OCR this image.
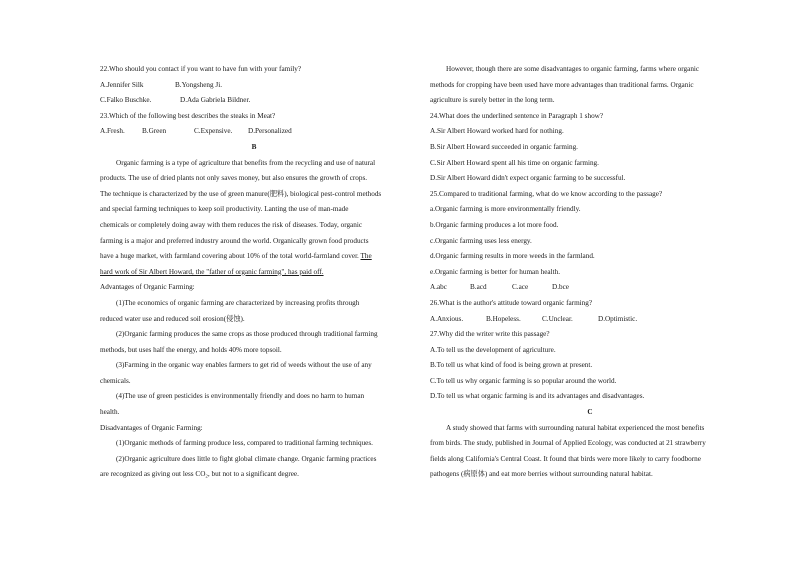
22.Who should you contact if you want to have fun with your family?
A.Jennifer Silk	B.Yongsheng Ji.
C.Falko Buschke.	D.Ada Gabriela Bildner.
23.Which of the following best describes the steaks in Meat?
A.Fresh. B.Green	C.Expensive. D.Personalized
B
Organic farming is a type of agriculture that benefits from the recycling and use of natural
products. The use of dried plants not only saves money, but also ensures the growth of crops.
The technique is characterized by the use of green manure(肥料), biological pest-control methods
and special farming techniques to keep soil productivity. Lanting the use of man-made
chemicals or completely doing away with them reduces the risk of diseases. Today, organic
farming is a major and preferred industry around the world. Organically grown food products
have a huge market, with farmland covering about 10% of the total world-farmland cover. The
hard work of Sir Albert Howard, the "father of organic farming", has paid off.
Advantages of Organic Farming:
(1)The economics of organic farming are characterized by increasing profits through
reduced water use and reduced soil erosion(侵蚀).
(2)Organic farming produces the same crops as those produced through traditional farming
methods, but uses half the energy, and holds 40% more topsoil.
(3)Farming in the organic way enables farmers to get rid of weeds without the use of any
chemicals.
(4)The use of green pesticides is environmentally friendly and does no harm to human
health.
Disadvantages of Organic Farming:
(1)Organic methods of farming produce less, compared to traditional farming techniques.
(2)Organic agriculture does little to fight global climate change. Organic farming practices
are recognized as giving out less CO₂, but not to a significant degree.
However, though there are some disadvantages to organic farming, farms where organic
methods for cropping have been used have more advantages than traditional farms. Organic
agriculture is surely better in the long term.
24.What does the underlined sentence in Paragraph 1 show?
A.Sir Albert Howard worked hard for nothing.
B.Sir Albert Howard succeeded in organic farming.
C.Sir Albert Howard spent all his time on organic farming.
D.Sir Albert Howard didn't expect organic farming to be successful.
25.Compared to traditional farming, what do we know according to the passage?
a.Organic farming is more environmentally friendly.
b.Organic farming produces a lot more food.
c.Organic farming uses less energy.
d.Organic farming results in more weeds in the farmland.
e.Organic farming is better for human health.
A.abc	B.acd	C.ace	D.bce
26.What is the author's attitude toward organic farming?
A.Anxious.	B.Hopeless.	C.Unclear.	D.Optimistic.
27.Why did the writer write this passage?
A.To tell us the development of agriculture.
B.To tell us what kind of food is being grown at present.
C.To tell us why organic farming is so popular around the world.
D.To tell us what organic farming is and its advantages and disadvantages.
C
A study showed that farms with surrounding natural habitat experienced the most benefits
from birds. The study, published in Journal of Applied Ecology, was conducted at 21 strawberry
fields along California's Central Coast. It found that birds were more likely to carry foodborne
pathogens (病原体) and eat more berries without surrounding natural habitat.
